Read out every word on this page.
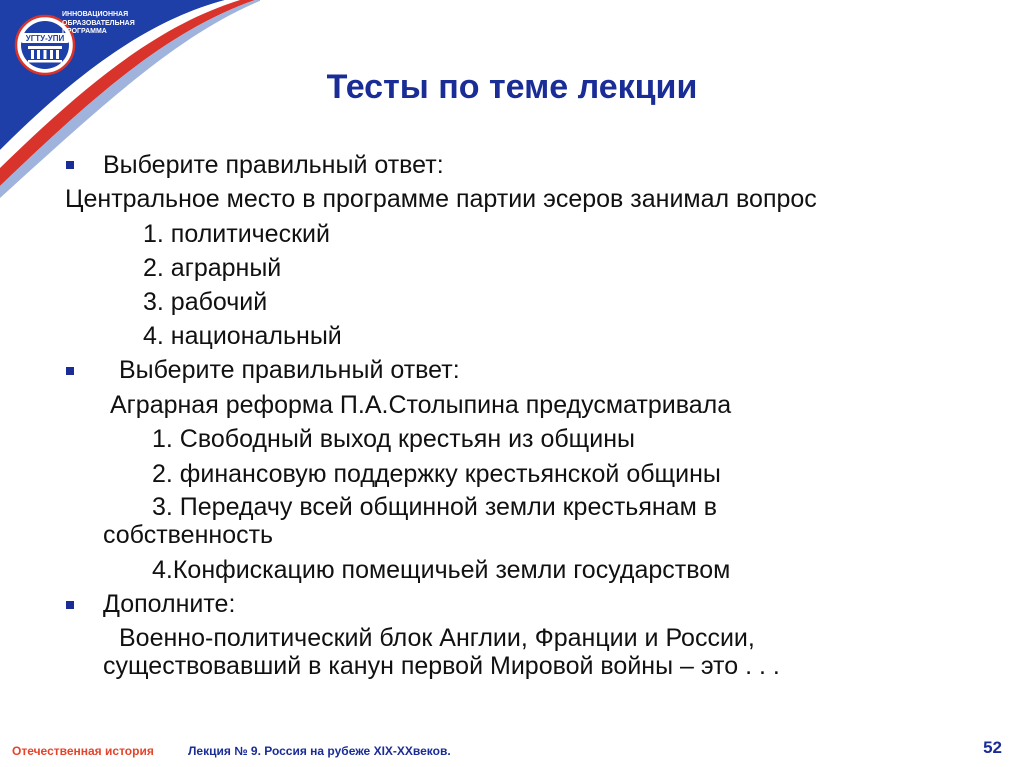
УГТУ-УПИ
ИННОВАЦИОННАЯ
ОБРАЗОВАТЕЛЬНАЯ
ПРОГРАММА
Тесты по теме лекции

Выберите правильный ответ:

Центральное место в программе партии эсеров занимал вопрос

1. политический

2. аграрный

3. рабочий

4. национальный

Выберите правильный ответ:

Аграрная реформа П.А.Столыпина предусматривала

1. Свободный выход крестьян из общины

2. финансовую поддержку крестьянской общины

3. Передачу всей общинной земли крестьянам в

собственность

4.Конфискацию помещичьей земли государством

Дополните:

Военно-политический блок Англии, Франции и России,

существовавший в канун первой Мировой войны – это . . .

Отечественная история	Лекция № 9. Россия на рубеже XIX-XXвеков.	52
